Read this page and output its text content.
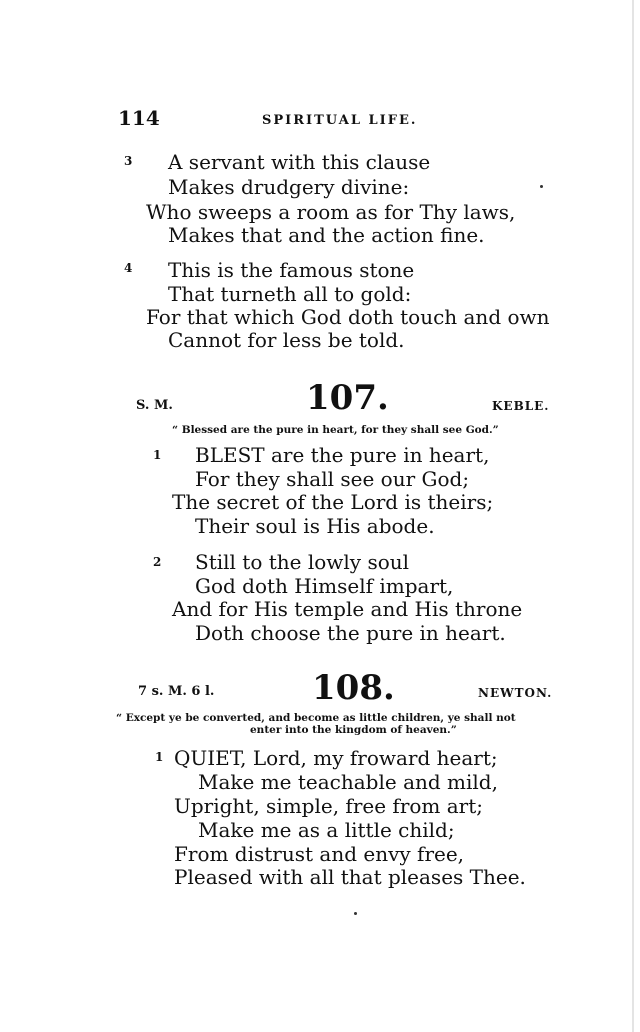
114	SPIRITUAL LIFE.
3 A servant with this clause
Makes drudgery divine:
Who sweeps a room as for Thy laws,
Makes that and the action fine.
4 This is the famous stone
That turneth all to gold:
For that which God doth touch and own
Cannot for less be told.
S. M.	107.	KEBLE.
“ Blessed are the pure in heart, for they shall see God.”
1 BLEST are the pure in heart,
For they shall see our God;
The secret of the Lord is theirs;
Their soul is His abode.
2 Still to the lowly soul
God doth Himself impart,
And for His temple and His throne
Doth choose the pure in heart.
7 s. M. 6 l.	108.	NEWTON.
“ Except ye be converted, and become as little children, ye shall not
enter into the kingdom of heaven.”
1 QUIET, Lord, my froward heart;
Make me teachable and mild,
Upright, simple, free from art;
Make me as a little child;
From distrust and envy free,
Pleased with all that pleases Thee.
